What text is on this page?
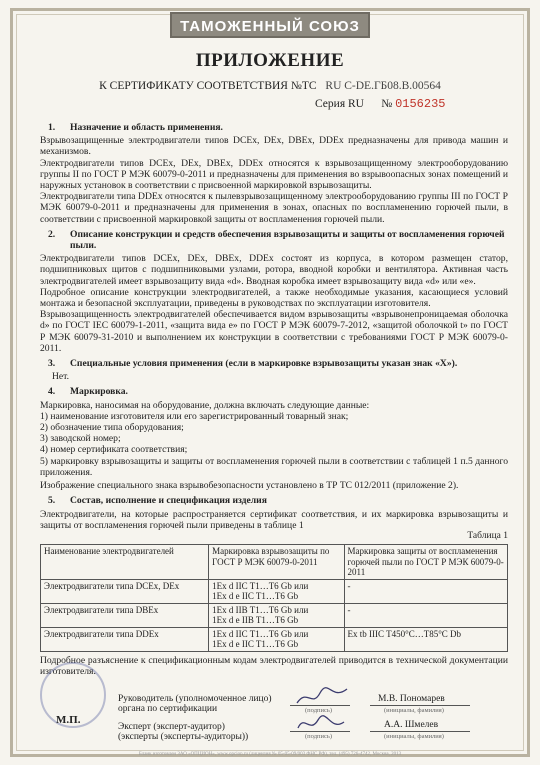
ТАМОЖЕННЫЙ СОЮЗ
ПРИЛОЖЕНИЕ
К СЕРТИФИКАТУ СООТВЕТСТВИЯ №ТС RU C-DE.ГБ08.B.00564
Серия RU № 0156235
1.	Назначение и область применения.

Взрывозащищенные электродвигатели типов DCEx, DEx, DBEx, DDEx предназначены для привода машин и механизмов.

Электродвигатели типов DCEx, DEx, DBEx, DDEx относятся к взрывозащищенному электрооборудованию группы II по ГОСТ Р МЭК 60079-0-2011 и предназначены для применения во взрывоопасных зонах помещений и наружных установок в соответствии с присвоенной маркировкой взрывозащиты.

Электродвигатели типа DDEx относятся к пылевзрывозащищенному электрооборудованию группы III по ГОСТ Р МЭК 60079-0-2011 и предназначены для применения в зонах, опасных по воспламенению горючей пыли, в соответствии с присвоенной маркировкой защиты от воспламенения горючей пыли.

2.	Описание конструкции и средств обеспечения взрывозащиты и защиты от воспламенения горючей пыли.

Электродвигатели типов DCEx, DEx, DBEx, DDEx состоят из корпуса, в котором размещен статор, подшипниковых щитов с подшипниковыми узлами, ротора, вводной коробки и вентилятора. Активная часть электродвигателей имеет взрывозащиту вида «d». Вводная коробка имеет взрывозащиту вида «d» или «e».

Подробное описание конструкции электродвигателей, а также необходимые указания, касающиеся условий монтажа и безопасной эксплуатации, приведены в руководствах по эксплуатации изготовителя.

Взрывозащищенность электродвигателей обеспечивается видом взрывозащиты «взрывонепроницаемая оболочка d» по ГОСТ IEC 60079-1-2011, «защита вида e» по ГОСТ Р МЭК 60079-7-2012, «защитой оболочкой t» по ГОСТ Р МЭК 60079-31-2010 и выполнением их конструкции в соответствии с требованиями ГОСТ Р МЭК 60079-0-2011.

3.	Специальные условия применения (если в маркировке взрывозащиты указан знак «X»).

Нет.

4.	Маркировка.

Маркировка, наносимая на оборудование, должна включать следующие данные:

1) наименование изготовителя или его зарегистрированный товарный знак;

2) обозначение типа оборудования;

3) заводской номер;

4) номер сертификата соответствия;

5) маркировку взрывозащиты и защиты от воспламенения горючей пыли в соответствии с таблицей 1 п.5 данного приложения.

Изображение специального знака взрывобезопасности установлено в ТР ТС 012/2011 (приложение 2).

5.	Состав, исполнение и спецификация изделия

Электродвигатели, на которые распространяется сертификат соответствия, и их маркировка взрывозащиты и защиты от воспламенения горючей пыли приведены в таблице 1

Таблица 1
Наименование электродвигателей	Маркировка взрывозащиты по ГОСТ Р МЭК 60079-0-2011	Маркировка защиты от воспламенения горючей пыли по ГОСТ Р МЭК 60079-0-2011
Электродвигатели типа DCEx, DEx	1Ex d IIC T1…T6 Gb или
1Ex d e IIC T1…T6 Gb	-
Электродвигатели типа DBEx	1Ex d IIB T1…T6 Gb или
1Ex d e IIB T1…T6 Gb	-
Электродвигатели типа DDEx	1Ex d IIC T1…T6 Gb или
1Ex d e IIC T1…T6 Gb	Ex tb IIIC T450°C…T85°C Db

Подробное разъяснение к спецификационным кодам электродвигателей приводится в технической документации изготовителя.

М.П.
Руководитель (уполномоченное лицо) органа по сертификации	(подпись)
М.В. Пономарев
(инициалы, фамилия)
Эксперт (эксперт-аудитор)
(эксперты (эксперты-аудиторы))	(подпись)
А.А. Шмелев
(инициалы, фамилия)
Бланк изготовлен ЗАО «ОПЦИОН», www.opcion.ru (лицензия № 05-05-09/003 ФНС РФ), тел. (495) 726-4742, Москва, 2013
